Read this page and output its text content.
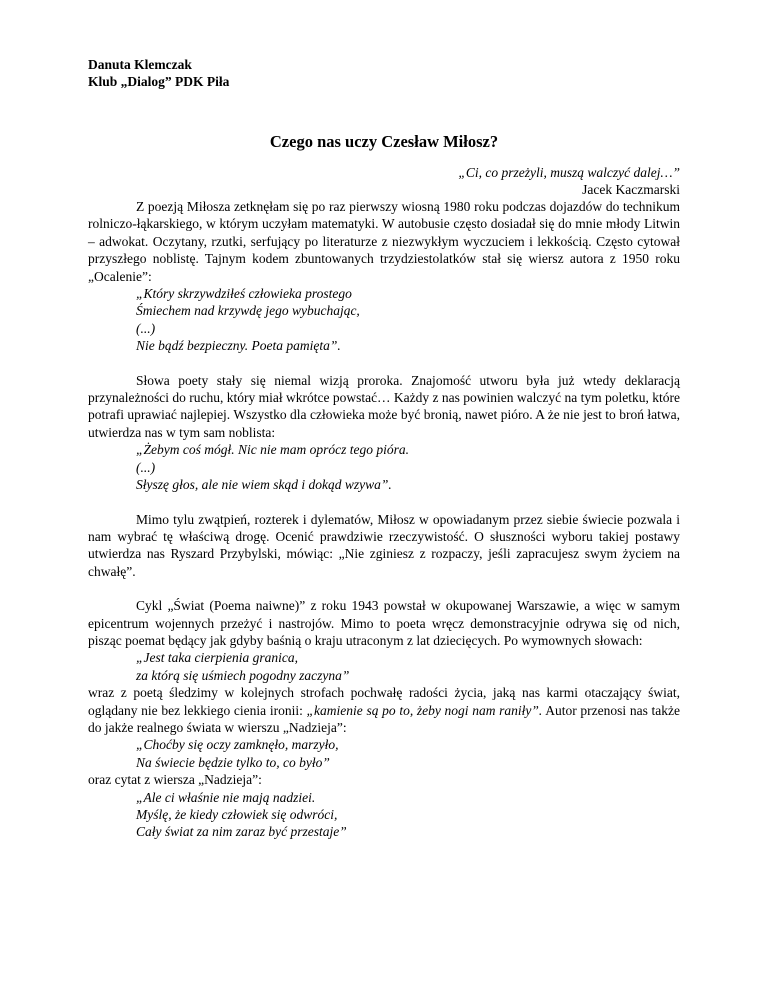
Danuta Klemczak
Klub „Dialog” PDK Piła
Czego nas uczy Czesław Miłosz?
„Ci, co przeżyli, muszą walczyć dalej…”
Jacek Kaczmarski

Z poezją Miłosza zetknęłam się po raz pierwszy wiosną 1980 roku podczas dojazdów do technikum rolniczo-łąkarskiego, w którym uczyłam matematyki. W autobusie często dosiadał się do mnie młody Litwin – adwokat. Oczytany, rzutki, serfujący po literaturze z niezwykłym wyczuciem i lekkością. Często cytował przyszłego noblistę. Tajnym kodem zbuntowanych trzydziestolatków stał się wiersz autora z 1950 roku „Ocalenie”:

„Który skrzywdziłeś człowieka prostego
Śmiechem nad krzywdę jego wybuchając,
(...)
Nie bądź bezpieczny. Poeta pamięta”.

Słowa poety stały się niemal wizją proroka. Znajomość utworu była już wtedy deklaracją przynależności do ruchu, który miał wkrótce powstać… Każdy z nas powinien walczyć na tym poletku, które potrafi uprawiać najlepiej. Wszystko dla człowieka może być bronią, nawet pióro. A że nie jest to broń łatwa, utwierdza nas w tym sam noblista:

„Żebym coś mógł. Nic nie mam oprócz tego pióra.
(...)
Słyszę głos, ale nie wiem skąd i dokąd wzywa”.

Mimo tylu zwątpień, rozterek i dylematów, Miłosz w opowiadanym przez siebie świecie pozwala i nam wybrać tę właściwą drogę. Ocenić prawdziwie rzeczywistość. O słuszności wyboru takiej postawy utwierdza nas Ryszard Przybylski, mówiąc: „Nie zginiesz z rozpaczy, jeśli zapracujesz swym życiem na chwałę”.

Cykl „Świat (Poema naiwne)” z roku 1943 powstał w okupowanej Warszawie, a więc w samym epicentrum wojennych przeżyć i nastrojów. Mimo to poeta wręcz demonstracyjnie odrywa się od nich, pisząc poemat będący jak gdyby baśnią o kraju utraconym z lat dziecięcych. Po wymownych słowach:

„Jest taka cierpienia granica,
za którą się uśmiech pogodny zaczyna”

wraz z poetą śledzimy w kolejnych strofach pochwałę radości życia, jaką nas karmi otaczający świat, oglądany nie bez lekkiego cienia ironii: „kamienie są po to, żeby nogi nam raniły”. Autor przenosi nas także do jakże realnego świata w wierszu „Nadzieja”:

„Choćby się oczy zamknęło, marzyło,
Na świecie będzie tylko to, co było”

oraz cytat z wiersza „Nadzieja”:

„Ale ci właśnie nie mają nadziei.
Myślę, że kiedy człowiek się odwróci,
Cały świat za nim zaraz być przestaje”
